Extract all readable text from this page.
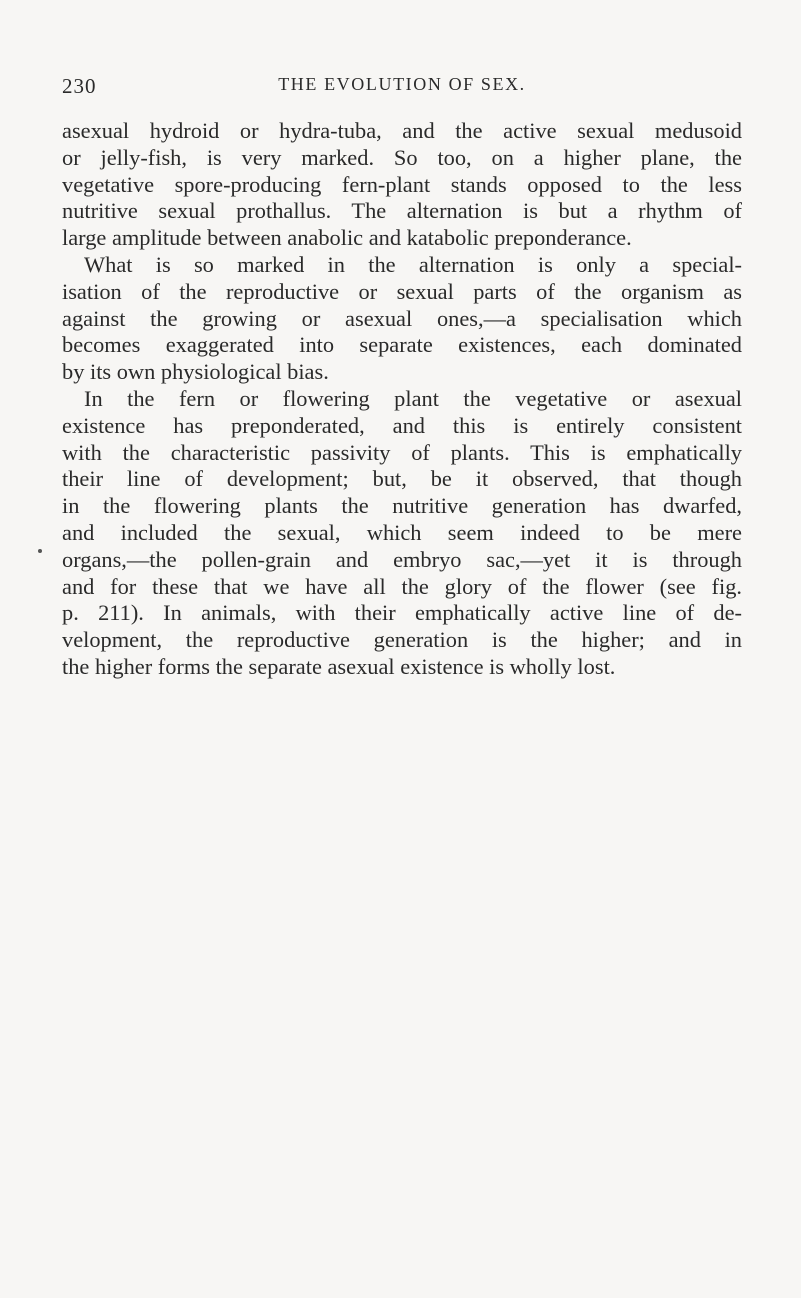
230	THE EVOLUTION OF SEX.
asexual hydroid or hydra-tuba, and the active sexual medusoid
or jelly-fish, is very marked. So too, on a higher plane, the
vegetative spore-producing fern-plant stands opposed to the less
nutritive sexual prothallus. The alternation is but a rhythm of
large amplitude between anabolic and katabolic preponderance.
What is so marked in the alternation is only a special-
isation of the reproductive or sexual parts of the organism as
against the growing or asexual ones,—a specialisation which
becomes exaggerated into separate existences, each dominated
by its own physiological bias.
In the fern or flowering plant the vegetative or asexual
existence has preponderated, and this is entirely consistent
with the characteristic passivity of plants. This is emphatically
their line of development; but, be it observed, that though
in the flowering plants the nutritive generation has dwarfed,
and included the sexual, which seem indeed to be mere
organs,—the pollen-grain and embryo sac,—yet it is through
and for these that we have all the glory of the flower (see fig.
p. 211). In animals, with their emphatically active line of de-
velopment, the reproductive generation is the higher; and in
the higher forms the separate asexual existence is wholly lost.
